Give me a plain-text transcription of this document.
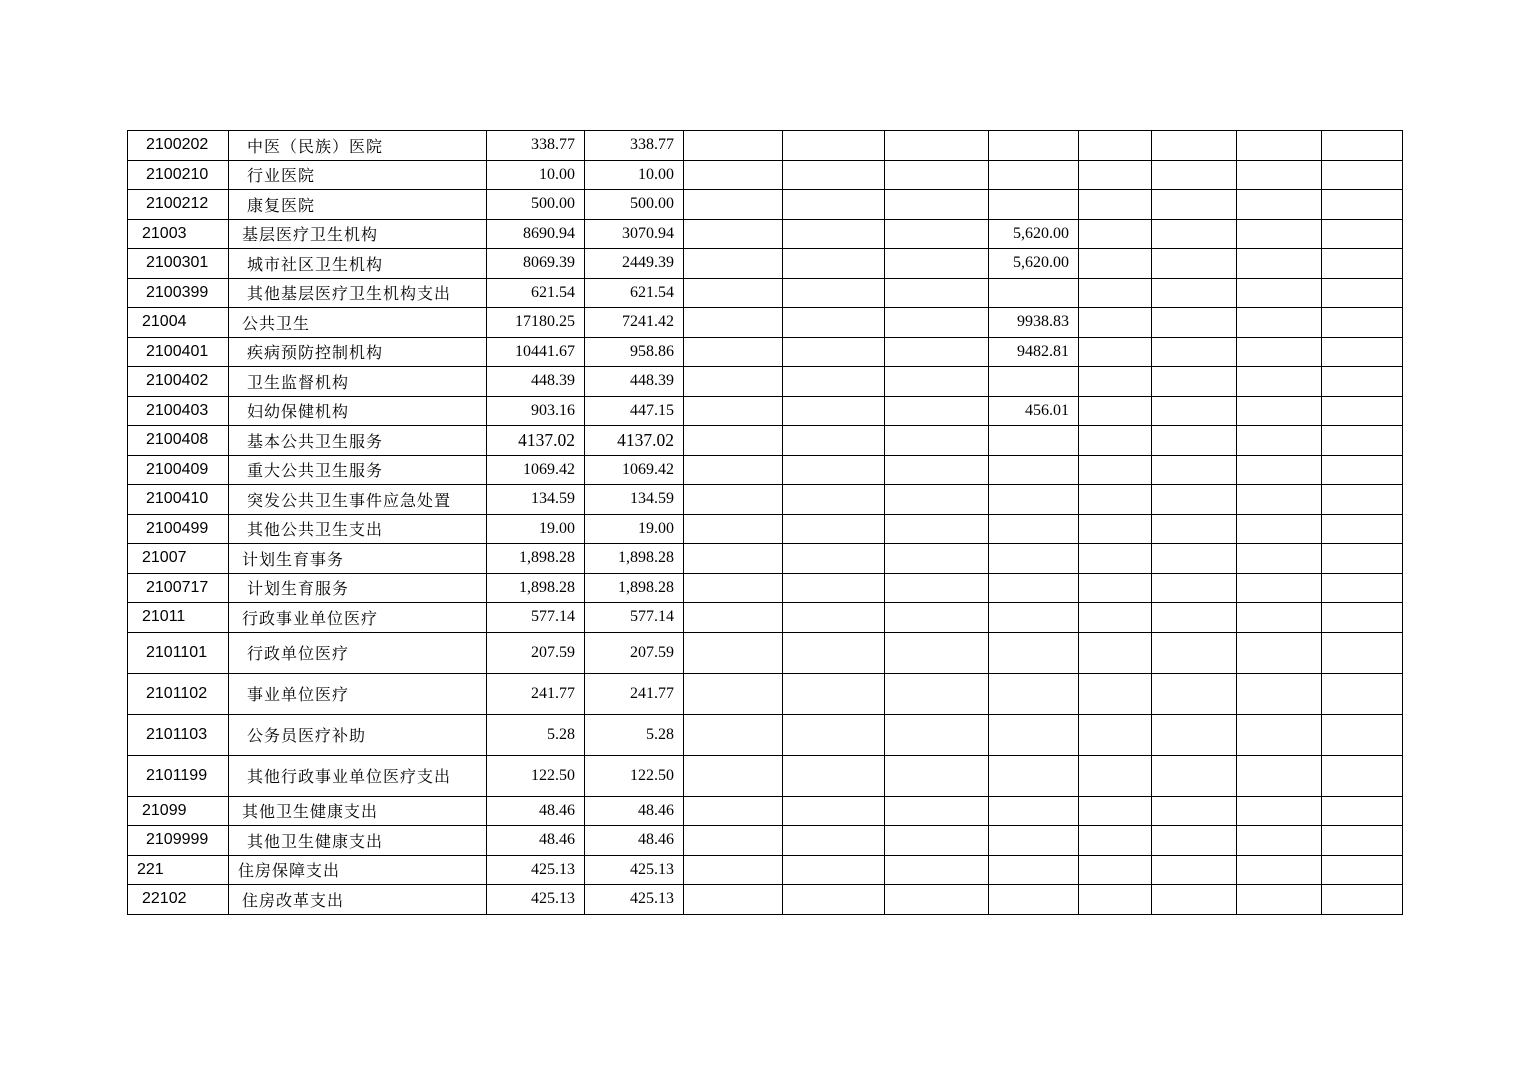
2100202	中医（民族）医院	338.77	338.77								
2100210	行业医院	10.00	10.00								
2100212	康复医院	500.00	500.00								
21003	基层医疗卫生机构	8690.94	3070.94				5,620.00				
2100301	城市社区卫生机构	8069.39	2449.39				5,620.00				
2100399	其他基层医疗卫生机构支出	621.54	621.54								
21004	公共卫生	17180.25	7241.42				9938.83				
2100401	疾病预防控制机构	10441.67	958.86				9482.81				
2100402	卫生监督机构	448.39	448.39								
2100403	妇幼保健机构	903.16	447.15				456.01				
2100408	基本公共卫生服务	4137.02	4137.02								
2100409	重大公共卫生服务	1069.42	1069.42								
2100410	突发公共卫生事件应急处置	134.59	134.59								
2100499	其他公共卫生支出	19.00	19.00								
21007	计划生育事务	1,898.28	1,898.28								
2100717	计划生育服务	1,898.28	1,898.28								
21011	行政事业单位医疗	577.14	577.14								
2101101	行政单位医疗	207.59	207.59								
2101102	事业单位医疗	241.77	241.77								
2101103	公务员医疗补助	5.28	5.28								
2101199	其他行政事业单位医疗支出	122.50	122.50								
21099	其他卫生健康支出	48.46	48.46								
2109999	其他卫生健康支出	48.46	48.46								
221	住房保障支出	425.13	425.13								
22102	住房改革支出	425.13	425.13								
